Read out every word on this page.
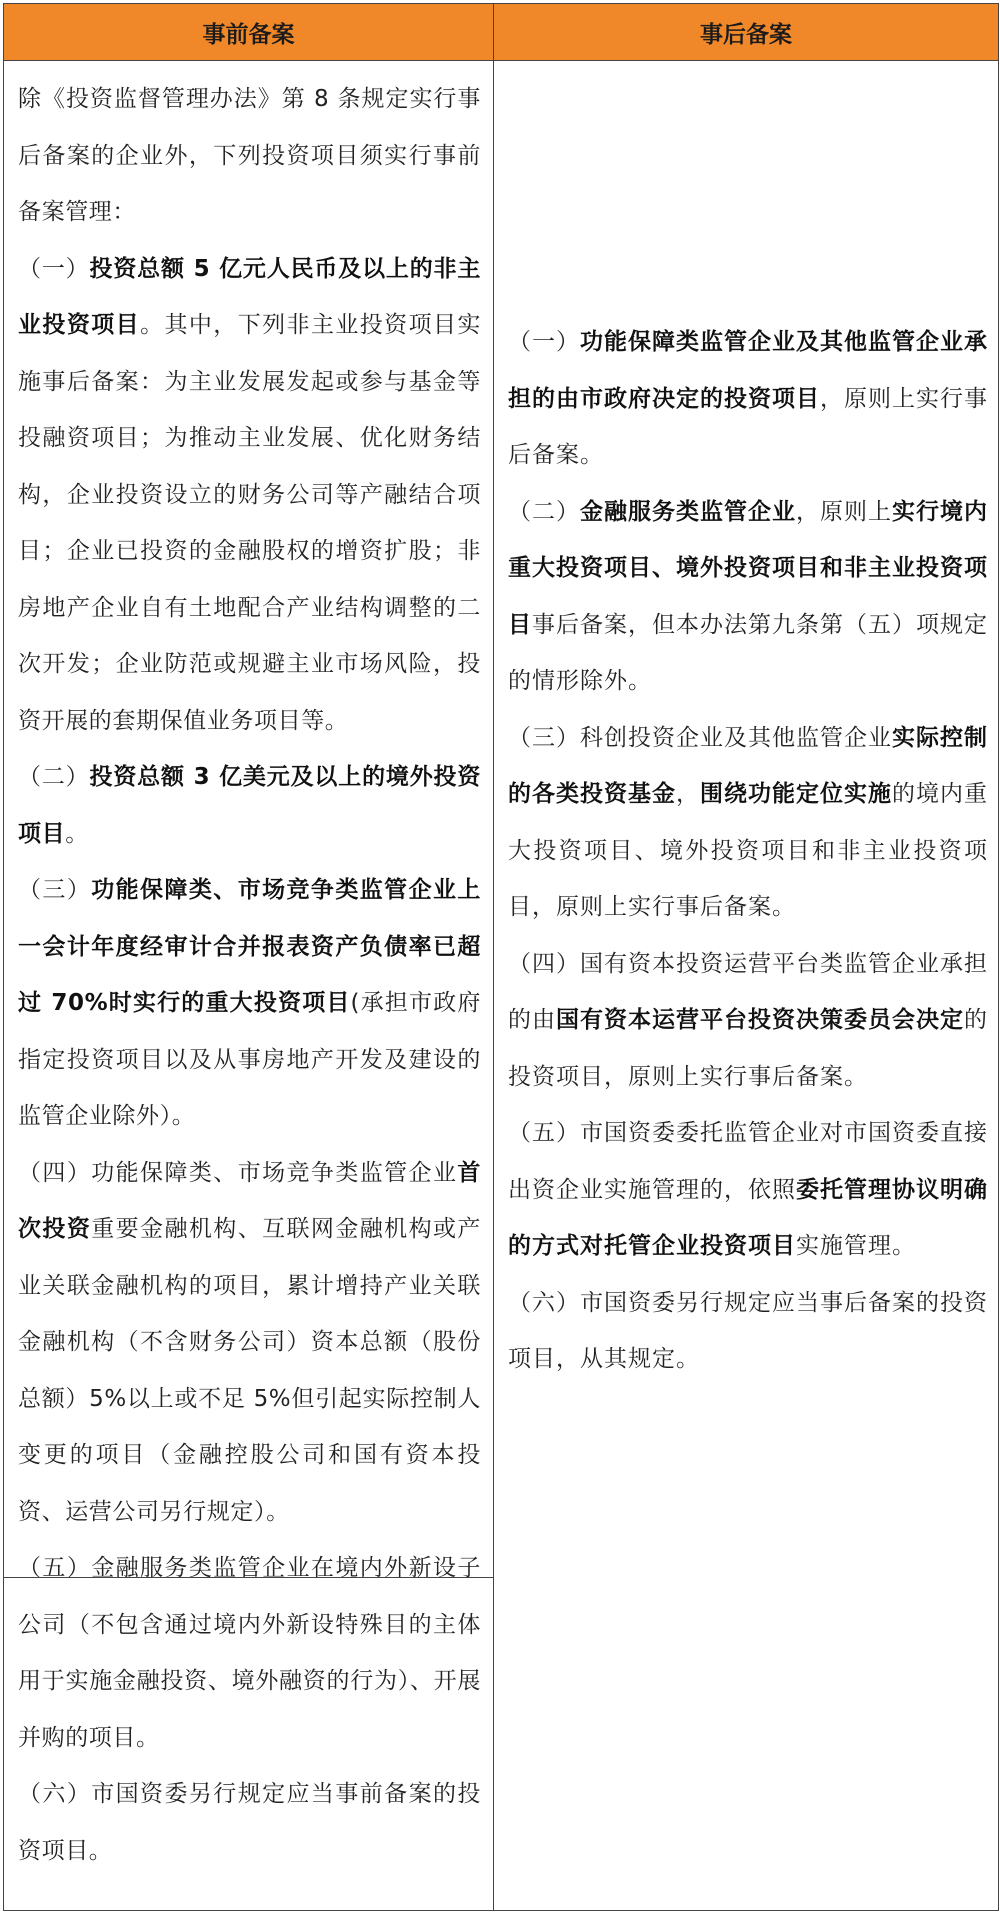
事前备案	事后备案

除《投资监督管理办法》第 8 条规定实行事后备案的企业外，下列投资项目须实行事前备案管理：

（一）投资总额 5 亿元人民币及以上的非主业投资项目。其中，下列非主业投资项目实施事后备案：为主业发展发起或参与基金等投融资项目；为推动主业发展、优化财务结构，企业投资设立的财务公司等产融结合项目；企业已投资的金融股权的增资扩股；非房地产企业自有土地配合产业结构调整的二次开发；企业防范或规避主业市场风险，投资开展的套期保值业务项目等。

（二）投资总额 3 亿美元及以上的境外投资项目。

（三）功能保障类、市场竞争类监管企业上一会计年度经审计合并报表资产负债率已超过 70%时实行的重大投资项目(承担市政府指定投资项目以及从事房地产开发及建设的监管企业除外）。

（四）功能保障类、市场竞争类监管企业首次投资重要金融机构、互联网金融机构或产业关联金融机构的项目，累计增持产业关联金融机构（不含财务公司）资本总额（股份总额）5%以上或不足 5%但引起实际控制人变更的项目（金融控股公司和国有资本投资、运营公司另行规定）。

（五）金融服务类监管企业在境内外新设子公司（不包含通过境内外新设特殊目的主体用于实施金融投资、境外融资的行为）、开展并购的项目。

（六）市国资委另行规定应当事前备案的投资项目。

（一）功能保障类监管企业及其他监管企业承担的由市政府决定的投资项目，原则上实行事后备案。

（二）金融服务类监管企业，原则上实行境内重大投资项目、境外投资项目和非主业投资项目事后备案，但本办法第九条第（五）项规定的情形除外。

（三）科创投资企业及其他监管企业实际控制的各类投资基金，围绕功能定位实施的境内重大投资项目、境外投资项目和非主业投资项目，原则上实行事后备案。

（四）国有资本投资运营平台类监管企业承担的由国有资本运营平台投资决策委员会决定的投资项目，原则上实行事后备案。

（五）市国资委委托监管企业对市国资委直接出资企业实施管理的，依照委托管理协议明确的方式对托管企业投资项目实施管理。

（六）市国资委另行规定应当事后备案的投资项目，从其规定。
